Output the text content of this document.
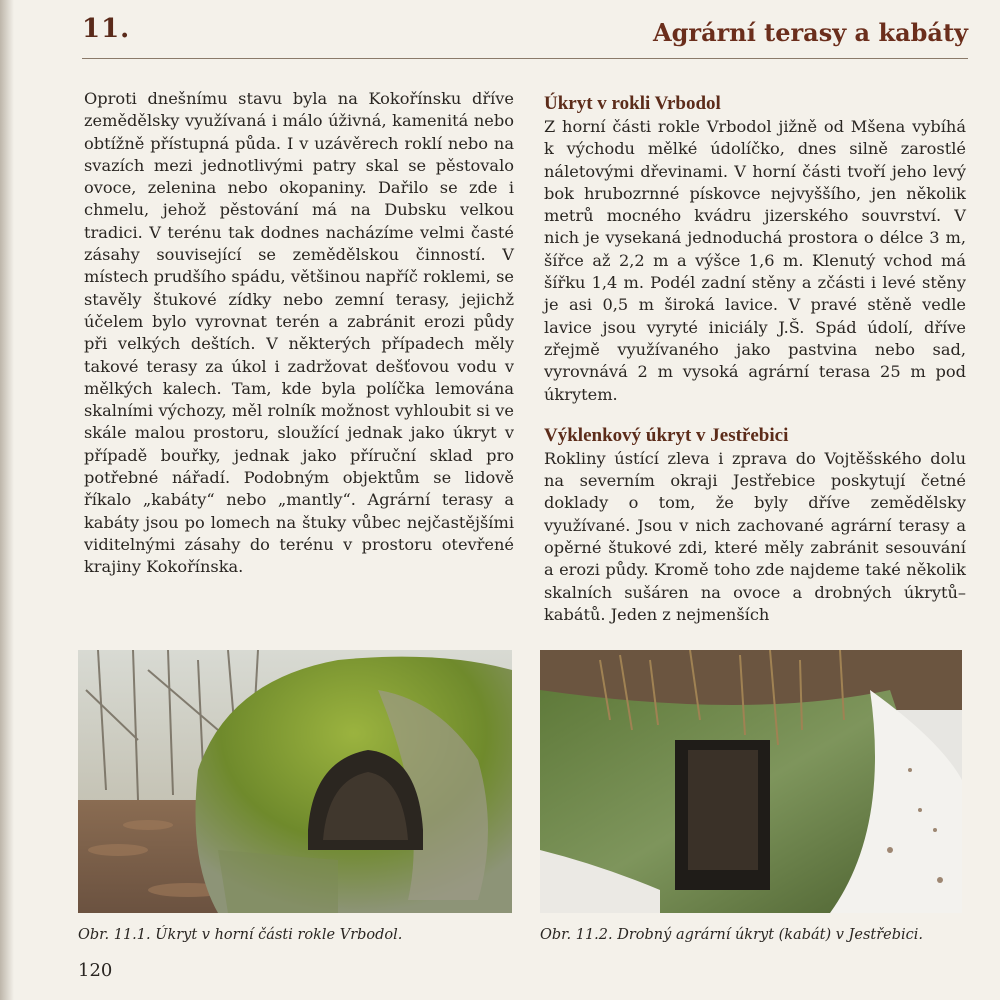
11.	Agrární terasy a kabáty

Oproti dnešnímu stavu byla na Kokořínsku dříve zemědělsky využívaná i málo úživná, kamenitá nebo obtížně přístupná půda. I v uzávěrech roklí nebo na svazích mezi jednotlivými patry skal se pěstovalo ovoce, zelenina nebo okopaniny. Dařilo se zde i chmelu, jehož pěstování má na Dubsku velkou tradici. V terénu tak dodnes nacházíme velmi časté zásahy související se zemědělskou činností. V místech prudšího spádu, většinou napříč roklemi, se stavěly štukové zídky nebo zemní terasy, jejichž účelem bylo vyrovnat terén a zabránit erozi půdy při velkých deštích. V některých případech měly takové terasy za úkol i zadržovat dešťovou vodu v mělkých kalech. Tam, kde byla políčka lemována skalními výchozy, měl rolník možnost vyhloubit si ve skále malou prostoru, sloužící jednak jako úkryt v případě bouřky, jednak jako příruční sklad pro potřebné nářadí. Podobným objektům se lidově říkalo „kabáty“ nebo „mantly“. Agrární terasy a kabáty jsou po lomech na štuky vůbec nejčastějšími viditelnými zásahy do terénu v prostoru otevřené krajiny Kokořínska.

Úkryt v rokli Vrbodol

Z horní části rokle Vrbodol jižně od Mšena vybíhá k východu mělké údolíčko, dnes silně zarostlé náletovými dřevinami. V horní části tvoří jeho levý bok hrubozrnné pískovce nejvyššího, jen několik metrů mocného kvádru jizerského souvrství. V nich je vysekaná jednoduchá prostora o délce 3 m, šířce až 2,2 m a výšce 1,6 m. Klenutý vchod má šířku 1,4 m. Podél zadní stěny a zčásti i levé stěny je asi 0,5 m široká lavice. V pravé stěně vedle lavice jsou vyryté iniciály J.Š. Spád údolí, dříve zřejmě využívaného jako pastvina nebo sad, vyrovnává 2 m vysoká agrární terasa 25 m pod úkrytem.

Výklenkový úkryt v Jestřebici

Rokliny ústící zleva i zprava do Vojtěšského dolu na severním okraji Jestřebice poskytují četné doklady o tom, že byly dříve zemědělsky využívané. Jsou v nich zachované agrární terasy a opěrné štukové zdi, které měly zabránit sesouvání a erozi půdy. Kromě toho zde najdeme také několik skalních sušáren na ovoce a drobných úkrytů–kabátů. Jeden z nejmenších

Obr. 11.1. Úkryt v horní části rokle Vrbodol.	Obr. 11.2. Drobný agrární úkryt (kabát) v Jestřebici.
120
